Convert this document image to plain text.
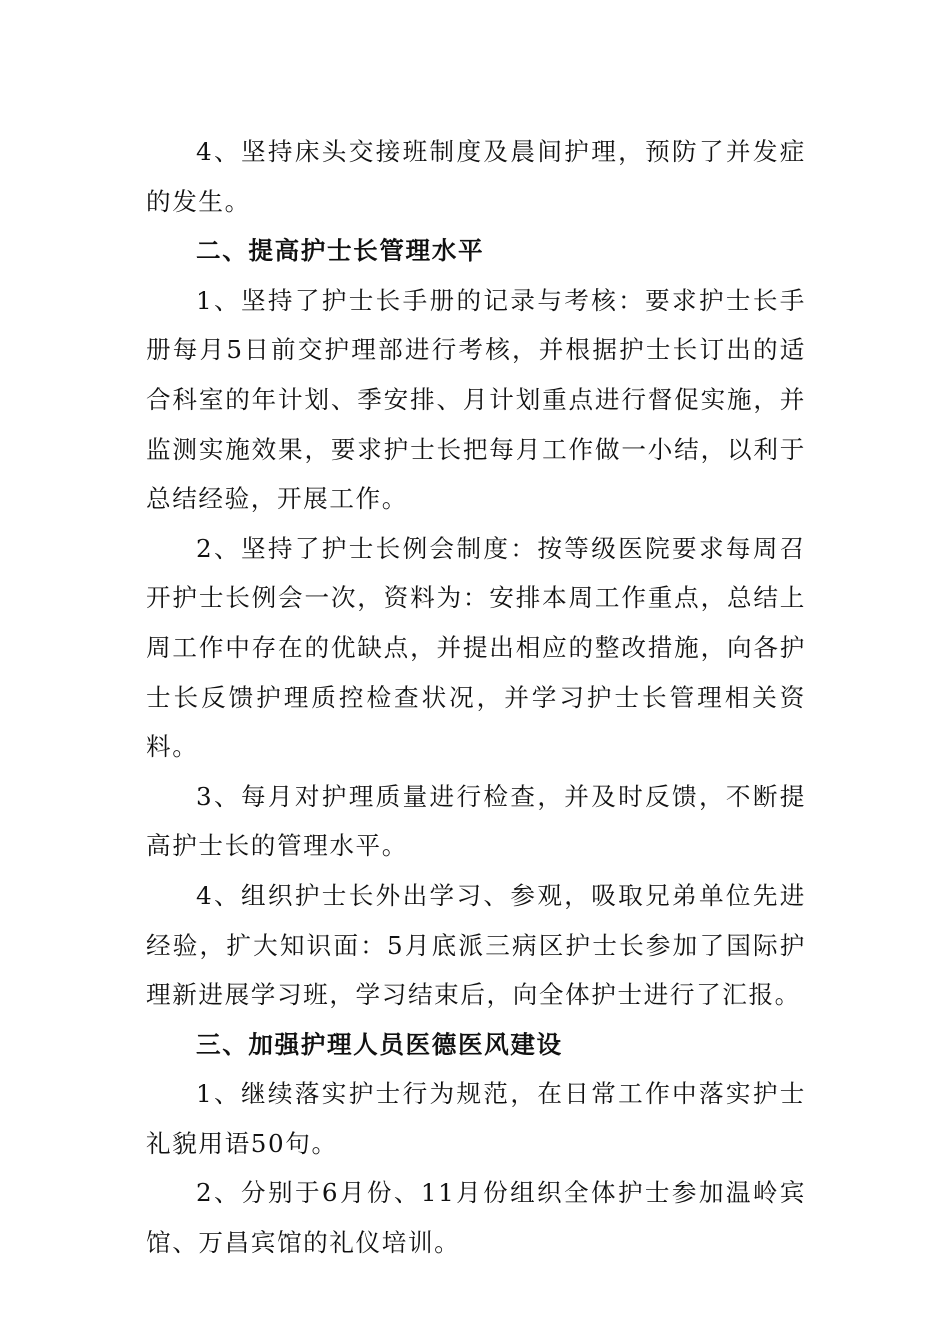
4、坚持床头交接班制度及晨间护理，预防了并发症的发生。

二、提高护士长管理水平

1、坚持了护士长手册的记录与考核：要求护士长手册每月5日前交护理部进行考核，并根据护士长订出的适合科室的年计划、季安排、月计划重点进行督促实施，并监测实施效果，要求护士长把每月工作做一小结，以利于总结经验，开展工作。

2、坚持了护士长例会制度：按等级医院要求每周召开护士长例会一次，资料为：安排本周工作重点，总结上周工作中存在的优缺点，并提出相应的整改措施，向各护士长反馈护理质控检查状况，并学习护士长管理相关资料。

3、每月对护理质量进行检查，并及时反馈，不断提高护士长的管理水平。

4、组织护士长外出学习、参观，吸取兄弟单位先进经验，扩大知识面：5月底派三病区护士长参加了国际护理新进展学习班，学习结束后，向全体护士进行了汇报。

三、加强护理人员医德医风建设

1、继续落实护士行为规范，在日常工作中落实护士礼貌用语50句。

2、分别于6月份、11月份组织全体护士参加温岭宾馆、万昌宾馆的礼仪培训。
